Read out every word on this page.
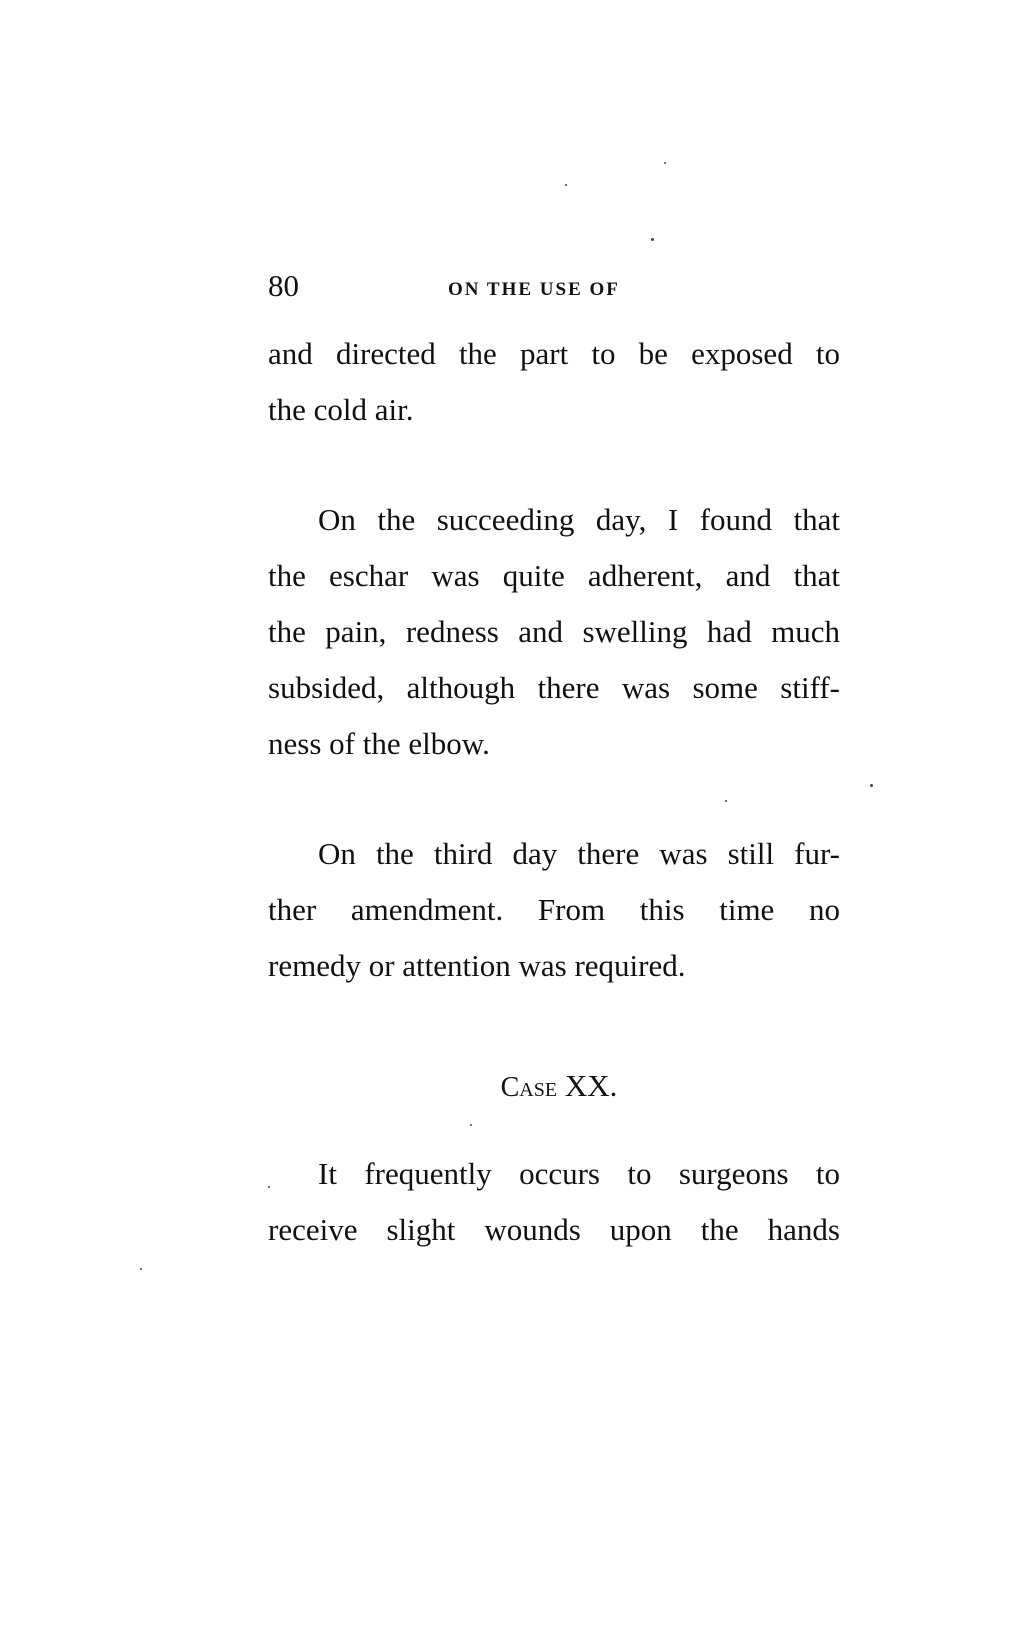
80	ON THE USE OF

and directed the part to be exposed to
the cold air.

On the succeeding day, I found that
the eschar was quite adherent, and that
the pain, redness and swelling had much
subsided, although there was some stiff-
ness of the elbow.

On the third day there was still fur-
ther amendment. From this time no
remedy or attention was required.

Case XX.

It frequently occurs to surgeons to
receive slight wounds upon the hands
